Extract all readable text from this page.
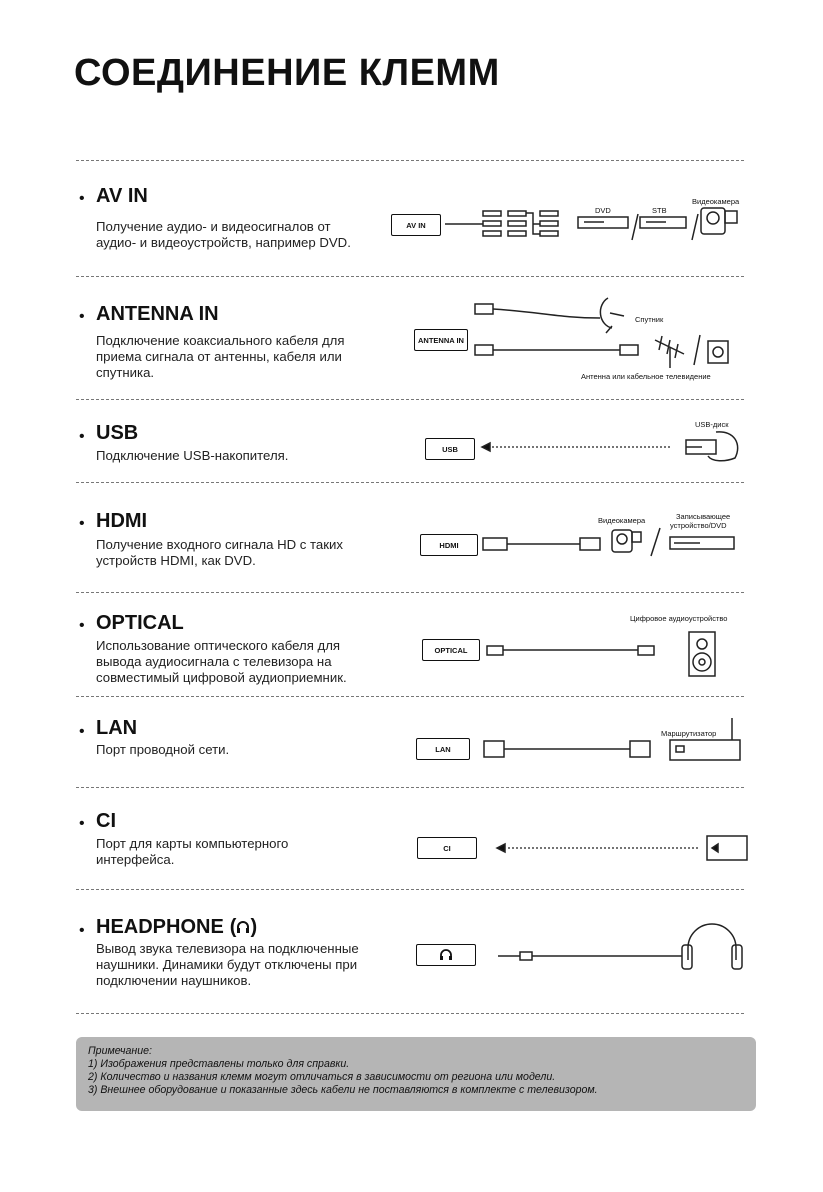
СОЕДИНЕНИЕ КЛЕММ
• AV IN
Получение аудио- и видеосигналов от
аудио- и видеоустройств, например DVD.
AV IN
DVD	STB
Видеокамера
• ANTENNA IN
Подключение коаксиального кабеля для
приема сигнала от антенны, кабеля или
спутника.
ANTENNA IN
Спутник
Антенна или кабельное телевидение
• USB
Подключение USB-накопителя.	USB
USB-диск
• HDMI
Получение входного сигнала HD с таких
устройств HDMI, как DVD.
HDMI
Видеокамера	Записывающее
устройство/DVD
• OPTICAL
Использование оптического кабеля для
вывода аудиосигнала с телевизора на
совместимый цифровой аудиоприемник.
OPTICAL
Цифровое аудиоустройство
• LAN
Порт проводной сети.	LAN
Маршрутизатор
• CI
Порт для карты компьютерного
интерфейса.
CI
• HEADPHONE ( )
Вывод звука телевизора на подключенные
наушники. Динамики будут отключены при
подключении наушников.
Примечание:
1) Изображения представлены только для справки.
2) Количество и названия клемм могут отличаться в зависимости от региона или модели.
3) Внешнее оборудование и показанные здесь кабели не поставляются в комплекте с телевизором.
